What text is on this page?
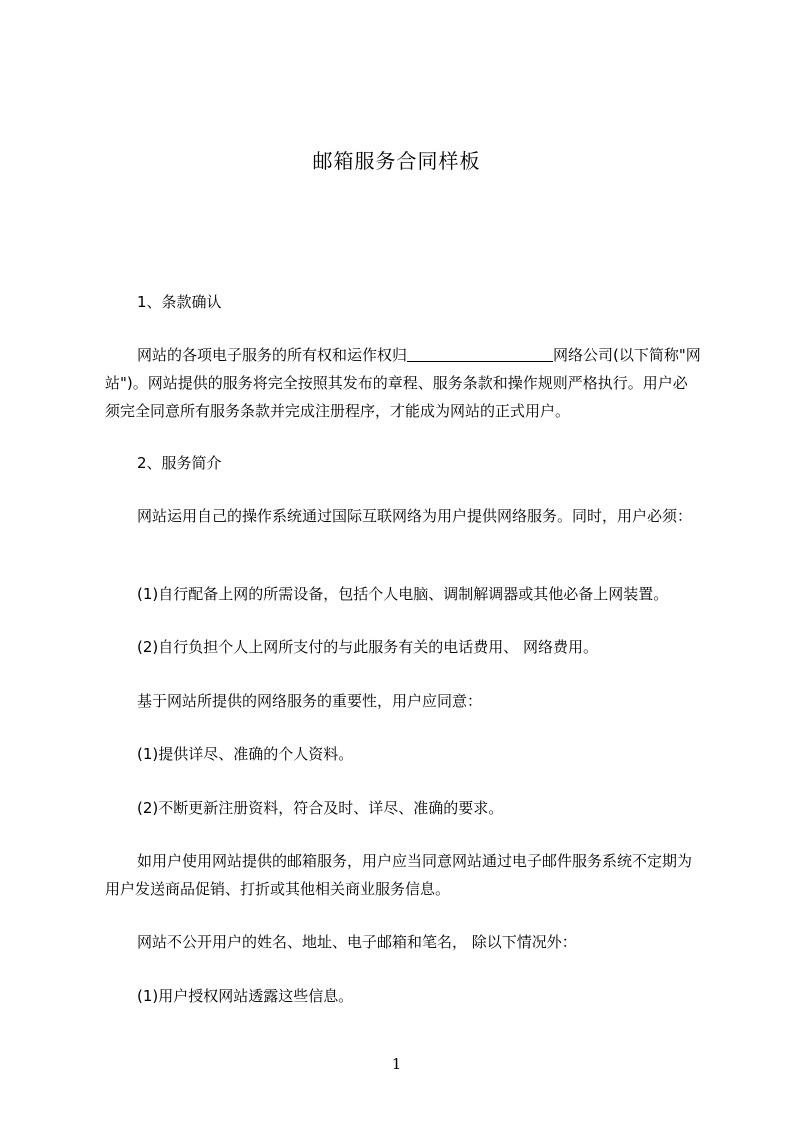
邮箱服务合同样板

1、条款确认

网站的各项电子服务的所有权和运作权归	网络公司(以下简称"网站")。网站提供的服务将完全按照其发布的章程、服务条款和操作规则严格执行。用户必须完全同意所有服务条款并完成注册程序，才能成为网站的正式用户。

2、服务简介

网站运用自己的操作系统通过国际互联网络为用户提供网络服务。同时，用户必须：

(1)自行配备上网的所需设备，包括个人电脑、调制解调器或其他必备上网装置。

(2)自行负担个人上网所支付的与此服务有关的电话费用、 网络费用。

基于网站所提供的网络服务的重要性，用户应同意：

(1)提供详尽、准确的个人资料。

(2)不断更新注册资料，符合及时、详尽、准确的要求。

如用户使用网站提供的邮箱服务，用户应当同意网站通过电子邮件服务系统不定期为用户发送商品促销、打折或其他相关商业服务信息。

网站不公开用户的姓名、地址、电子邮箱和笔名， 除以下情况外：

(1)用户授权网站透露这些信息。

1
